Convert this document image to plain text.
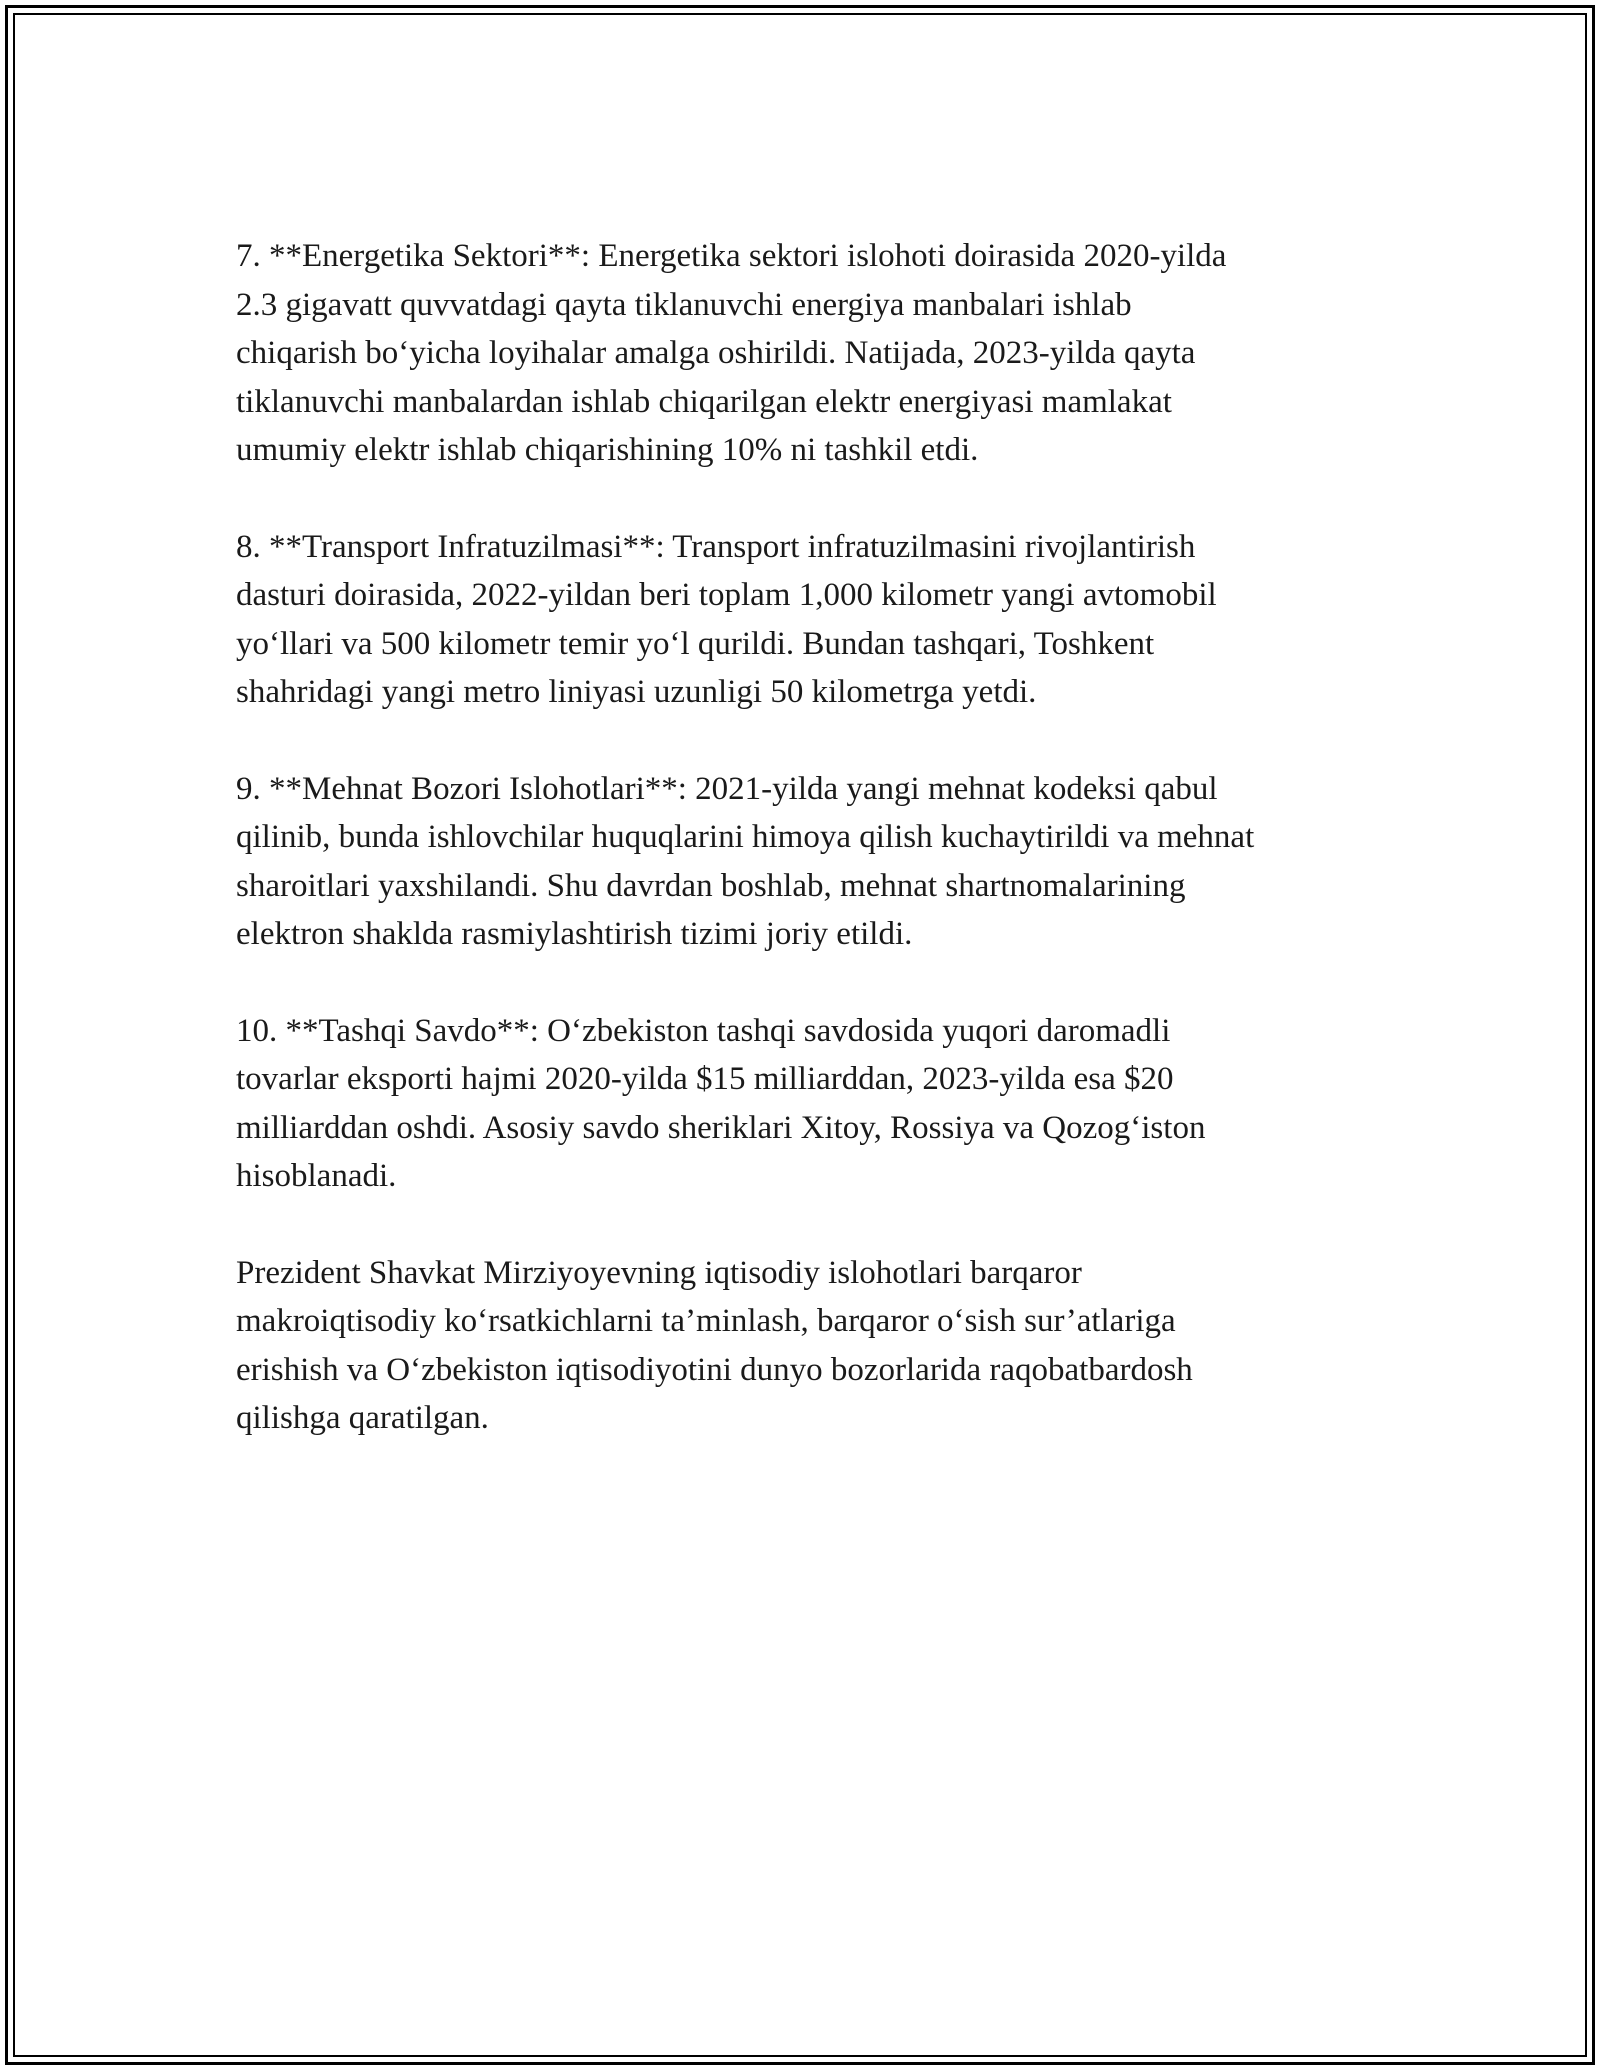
7. **Energetika Sektori**: Energetika sektori islohoti doirasida 2020-yilda
2.3 gigavatt quvvatdagi qayta tiklanuvchi energiya manbalari ishlab
chiqarish bo‘yicha loyihalar amalga oshirildi. Natijada, 2023-yilda qayta
tiklanuvchi manbalardan ishlab chiqarilgan elektr energiyasi mamlakat
umumiy elektr ishlab chiqarishining 10% ni tashkil etdi.

8. **Transport Infratuzilmasi**: Transport infratuzilmasini rivojlantirish
dasturi doirasida, 2022-yildan beri toplam 1,000 kilometr yangi avtomobil
yo‘llari va 500 kilometr temir yo‘l qurildi. Bundan tashqari, Toshkent
shahridagi yangi metro liniyasi uzunligi 50 kilometrga yetdi.

9. **Mehnat Bozori Islohotlari**: 2021-yilda yangi mehnat kodeksi qabul
qilinib, bunda ishlovchilar huquqlarini himoya qilish kuchaytirildi va mehnat
sharoitlari yaxshilandi. Shu davrdan boshlab, mehnat shartnomalarining
elektron shaklda rasmiylashtirish tizimi joriy etildi.

10. **Tashqi Savdo**: O‘zbekiston tashqi savdosida yuqori daromadli
tovarlar eksporti hajmi 2020-yilda $15 milliarddan, 2023-yilda esa $20
milliarddan oshdi. Asosiy savdo sheriklari Xitoy, Rossiya va Qozog‘iston
hisoblanadi.

Prezident Shavkat Mirziyoyevning iqtisodiy islohotlari barqaror
makroiqtisodiy ko‘rsatkichlarni ta’minlash, barqaror o‘sish sur’atlariga
erishish va O‘zbekiston iqtisodiyotini dunyo bozorlarida raqobatbardosh
qilishga qaratilgan.
